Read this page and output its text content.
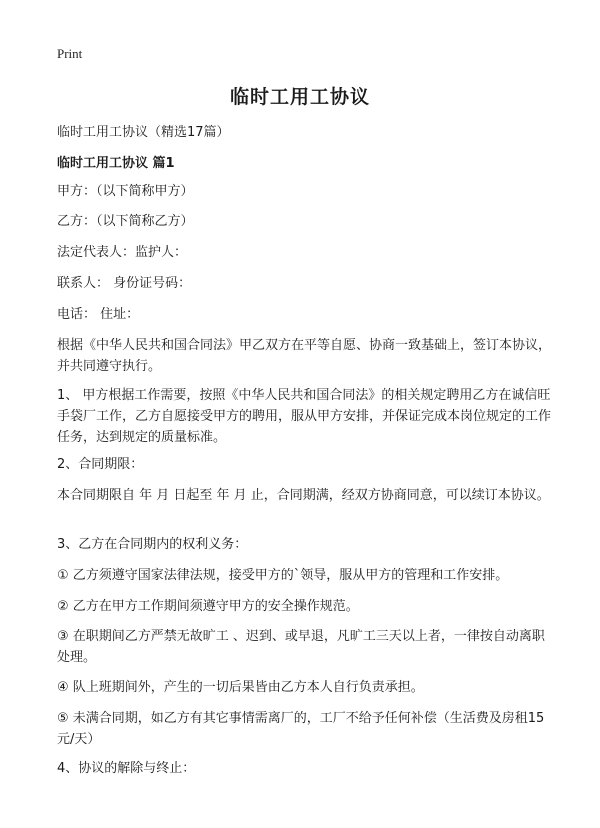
Print
临时工用工协议
临时工用工协议（精选17篇）
临时工用工协议 篇1

甲方：（以下简称甲方）

乙方：（以下简称乙方）

法定代表人：监护人：

联系人： 身份证号码：

电话： 住址：

根据《中华人民共和国合同法》甲乙双方在平等自愿、协商一致基础上，签订本协议，并共同遵守执行。

1、 甲方根据工作需要，按照《中华人民共和国合同法》的相关规定聘用乙方在诚信旺手袋厂工作，乙方自愿接受甲方的聘用，服从甲方安排，并保证完成本岗位规定的工作任务，达到规定的质量标准。

2、合同期限：

本合同期限自 年 月 日起至 年 月 止，合同期满，经双方协商同意，可以续订本协议。

3、乙方在合同期内的权利义务：

① 乙方须遵守国家法律法规，接受甲方的`领导，服从甲方的管理和工作安排。

② 乙方在甲方工作期间须遵守甲方的安全操作规范。

③ 在职期间乙方严禁无故旷工 、迟到、或早退，凡旷工三天以上者，一律按自动离职处理。

④ 队上班期间外，产生的一切后果皆由乙方本人自行负责承担。

⑤ 未满合同期，如乙方有其它事情需离厂的，工厂不给予任何补偿（生活费及房租15元/天）

4、协议的解除与终止：
